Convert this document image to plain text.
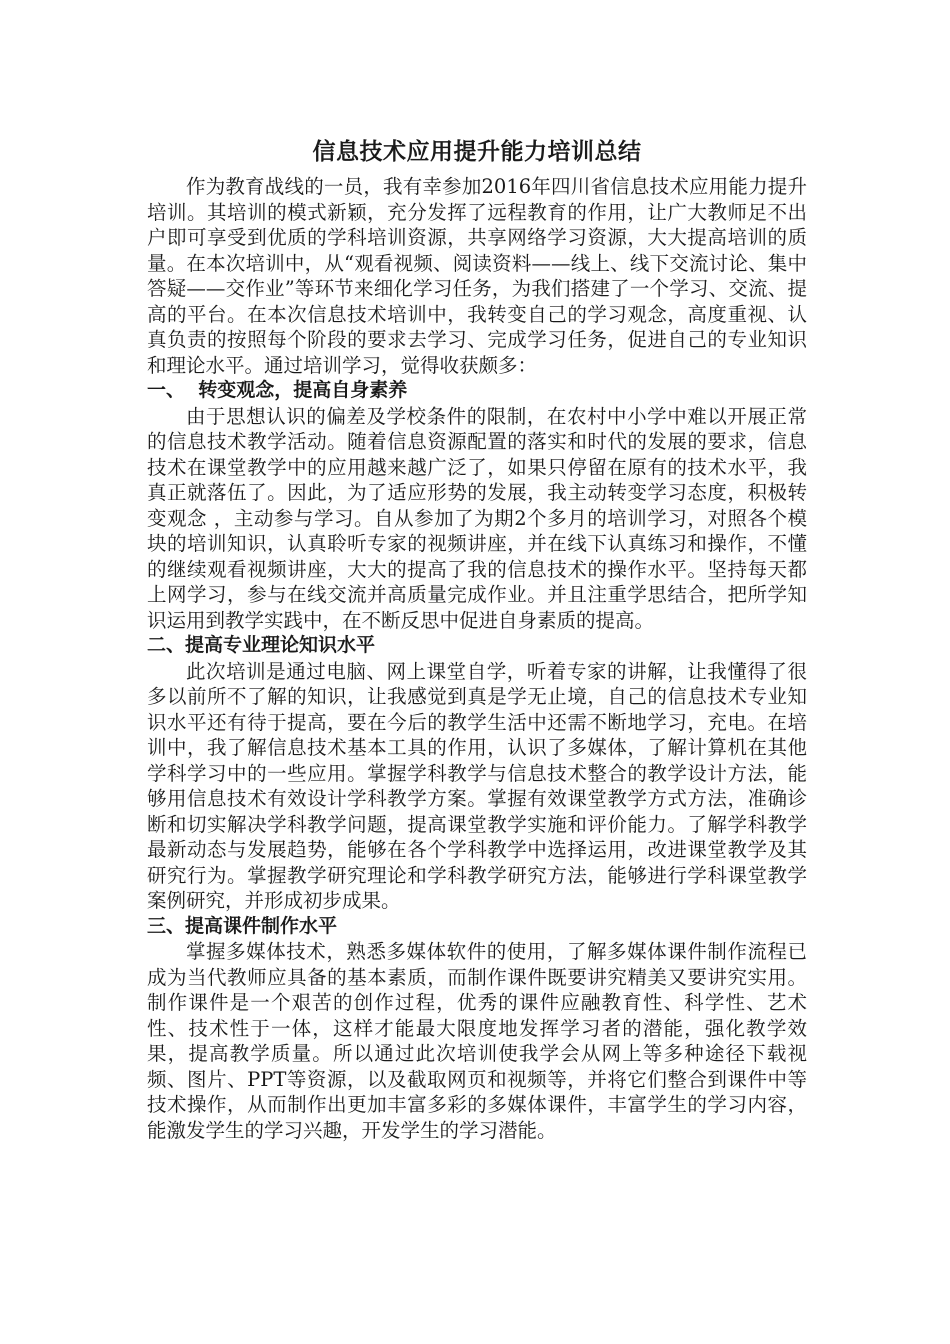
信息技术应用提升能力培训总结

作为教育战线的一员，我有幸参加2016年四川省信息技术应用能力提升培训。其培训的模式新颖，充分发挥了远程教育的作用，让广大教师足不出户即可享受到优质的学科培训资源，共享网络学习资源，大大提高培训的质量。在本次培训中，从“观看视频、阅读资料——线上、线下交流讨论、集中答疑——交作业”等环节来细化学习任务，为我们搭建了一个学习、交流、提高的平台。在本次信息技术培训中，我转变自己的学习观念，高度重视、认真负责的按照每个阶段的要求去学习、完成学习任务，促进自己的专业知识和理论水平。通过培训学习，觉得收获颇多：

一、  转变观念，提高自身素养

由于思想认识的偏差及学校条件的限制，在农村中小学中难以开展正常的信息技术教学活动。随着信息资源配置的落实和时代的发展的要求，信息技术在课堂教学中的应用越来越广泛了，如果只停留在原有的技术水平，我真正就落伍了。因此，为了适应形势的发展，我主动转变学习态度，积极转变观念 ，主动参与学习。自从参加了为期2个多月的培训学习，对照各个模块的培训知识，认真聆听专家的视频讲座，并在线下认真练习和操作，不懂的继续观看视频讲座，大大的提高了我的信息技术的操作水平。坚持每天都上网学习，参与在线交流并高质量完成作业。并且注重学思结合，把所学知识运用到教学实践中，在不断反思中促进自身素质的提高。

二、提高专业理论知识水平

此次培训是通过电脑、网上课堂自学，听着专家的讲解，让我懂得了很多以前所不了解的知识，让我感觉到真是学无止境，自己的信息技术专业知识水平还有待于提高，要在今后的教学生活中还需不断地学习，充电。在培训中，我了解信息技术基本工具的作用，认识了多媒体，了解计算机在其他学科学习中的一些应用。掌握学科教学与信息技术整合的教学设计方法，能够用信息技术有效设计学科教学方案。掌握有效课堂教学方式方法，准确诊断和切实解决学科教学问题，提高课堂教学实施和评价能力。了解学科教学最新动态与发展趋势，能够在各个学科教学中选择运用，改进课堂教学及其研究行为。掌握教学研究理论和学科教学研究方法，能够进行学科课堂教学案例研究，并形成初步成果。

三、提高课件制作水平

掌握多媒体技术，熟悉多媒体软件的使用，了解多媒体课件制作流程已成为当代教师应具备的基本素质，而制作课件既要讲究精美又要讲究实用。制作课件是一个艰苦的创作过程，优秀的课件应融教育性、科学性、艺术性、技术性于一体，这样才能最大限度地发挥学习者的潜能，强化教学效果，提高教学质量。所以通过此次培训使我学会从网上等多种途径下载视频、图片、PPT等资源，以及截取网页和视频等，并将它们整合到课件中等技术操作，从而制作出更加丰富多彩的多媒体课件，丰富学生的学习内容，能激发学生的学习兴趣，开发学生的学习潜能。
